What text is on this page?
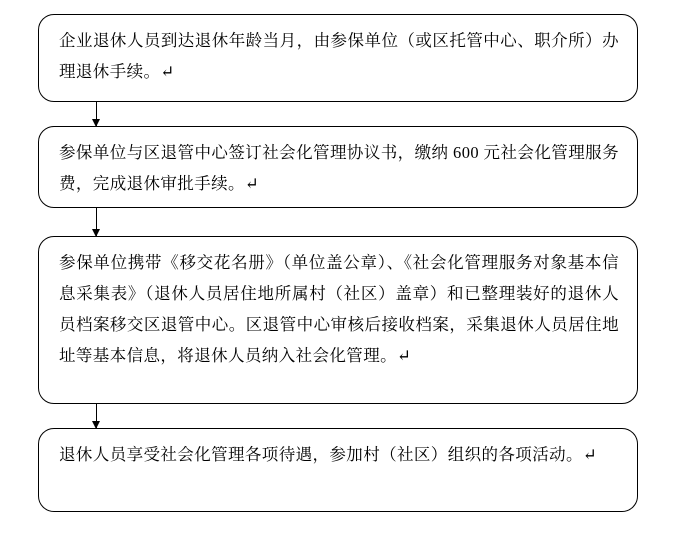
企业退休人员到达退休年龄当月，由参保单位（或区托管中心、职介所）办理退休手续。↵
参保单位与区退管中心签订社会化管理协议书，缴纳 600 元社会化管理服务费，完成退休审批手续。↵
参保单位携带《移交花名册》（单位盖公章）、《社会化管理服务对象基本信息采集表》（退休人员居住地所属村（社区）盖章）和已整理装好的退休人员档案移交区退管中心。区退管中心审核后接收档案，采集退休人员居住地址等基本信息，将退休人员纳入社会化管理。↵
退休人员享受社会化管理各项待遇，参加村（社区）组织的各项活动。↵
